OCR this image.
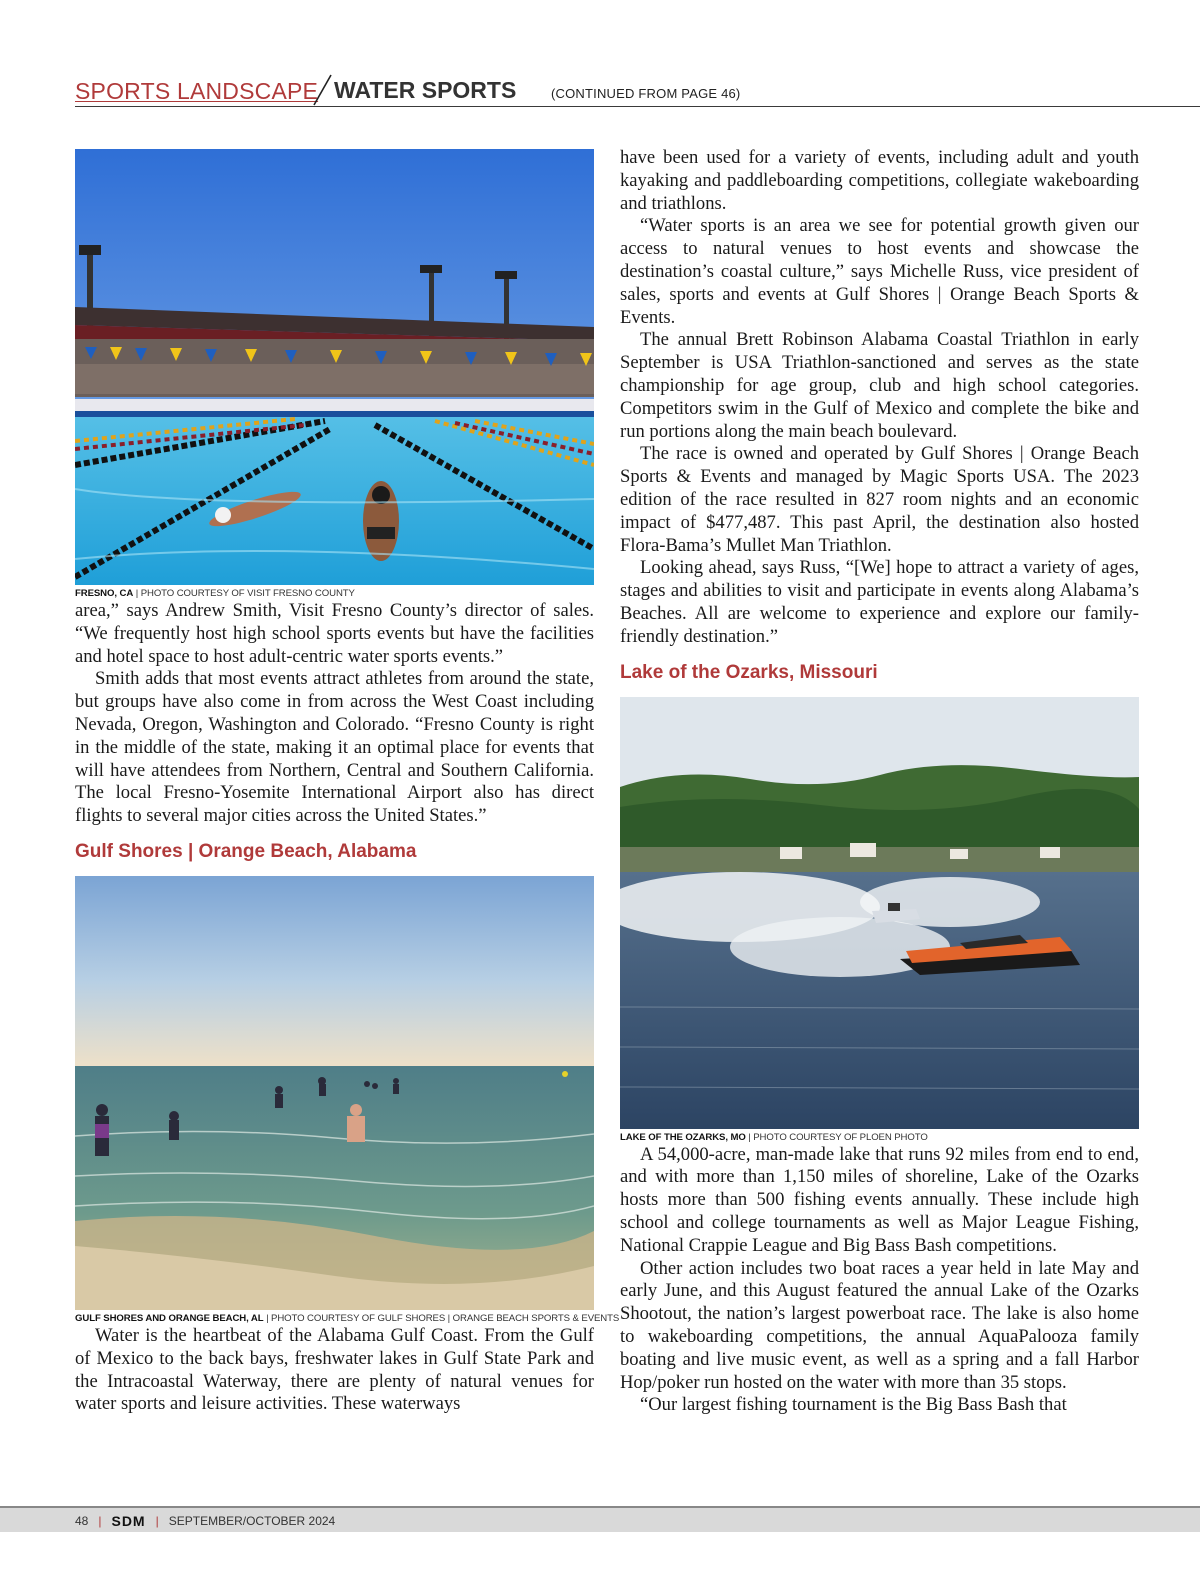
SPORTS LANDSCAPE WATER SPORTS	(CONTINUED FROM PAGE 46)
FRESNO, CA | PHOTO COURTESY OF VISIT FRESNO COUNTY

area,” says Andrew Smith, Visit Fresno County’s director of sales. “We frequently host high school sports events but have the facilities and hotel space to host adult-centric water sports events.”

Smith adds that most events attract athletes from around the state, but groups have also come in from across the West Coast including Nevada, Oregon, Washington and Colorado. “Fresno County is right in the middle of the state, making it an optimal place for events that will have attendees from Northern, Central and Southern California. The local Fresno-Yosemite International Airport also has direct flights to several major cities across the United States.”

Gulf Shores | Orange Beach, Alabama
GULF SHORES AND ORANGE BEACH, AL | PHOTO COURTESY OF GULF SHORES | ORANGE BEACH SPORTS & EVENTS

Water is the heartbeat of the Alabama Gulf Coast. From the Gulf of Mexico to the back bays, freshwater lakes in Gulf State Park and the Intracoastal Waterway, there are plenty of natural venues for water sports and leisure activities. These waterways

have been used for a variety of events, including adult and youth kayaking and paddleboarding competitions, collegiate wakeboarding and triathlons.

“Water sports is an area we see for potential growth given our access to natural venues to host events and showcase the destination’s coastal culture,” says Michelle Russ, vice president of sales, sports and events at Gulf Shores | Orange Beach Sports & Events.

The annual Brett Robinson Alabama Coastal Triathlon in early September is USA Triathlon-sanctioned and serves as the state championship for age group, club and high school categories. Competitors swim in the Gulf of Mexico and complete the bike and run portions along the main beach boulevard.

The race is owned and operated by Gulf Shores | Orange Beach Sports & Events and managed by Magic Sports USA. The 2023 edition of the race resulted in 827 room nights and an economic impact of $477,487. This past April, the destination also hosted Flora-Bama’s Mullet Man Triathlon.

Looking ahead, says Russ, “[We] hope to attract a variety of ages, stages and abilities to visit and participate in events along Alabama’s Beaches. All are welcome to experience and explore our family-friendly destination.”

Lake of the Ozarks, Missouri
LAKE OF THE OZARKS, MO | PHOTO COURTESY OF PLOEN PHOTO

A 54,000-acre, man-made lake that runs 92 miles from end to end, and with more than 1,150 miles of shoreline, Lake of the Ozarks hosts more than 500 fishing events annually. These include high school and college tournaments as well as Major League Fishing, National Crappie League and Big Bass Bash competitions.

Other action includes two boat races a year held in late May and early June, and this August featured the annual Lake of the Ozarks Shootout, the nation’s largest powerboat race. The lake is also home to wakeboarding competitions, the annual AquaPalooza family boating and live music event, as well as a spring and a fall Harbor Hop/poker run hosted on the water with more than 35 stops.

“Our largest fishing tournament is the Big Bass Bash that

48 | SDM | SEPTEMBER/OCTOBER 2024
